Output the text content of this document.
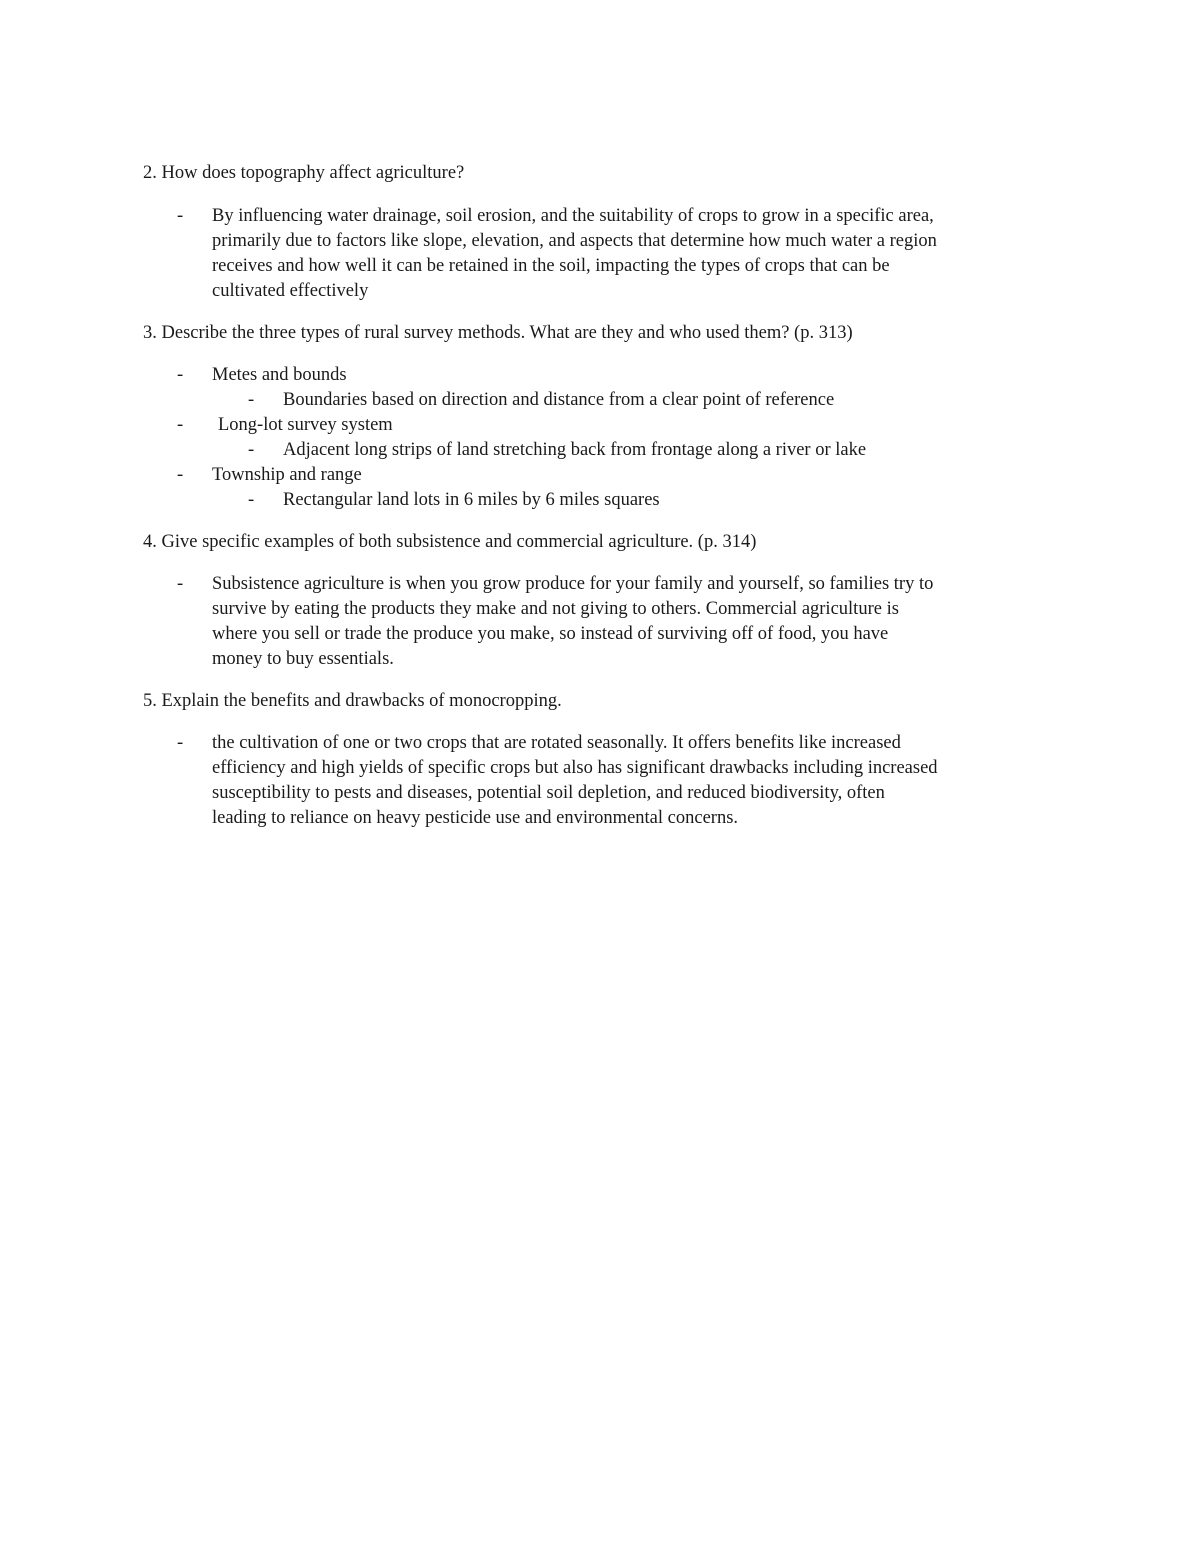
2. How does topography affect agriculture?
-	By influencing water drainage, soil erosion, and the suitability of crops to grow in a specific area,
primarily due to factors like slope, elevation, and aspects that determine how much water a region
receives and how well it can be retained in the soil, impacting the types of crops that can be
cultivated effectively
3. Describe the three types of rural survey methods. What are they and who used them? (p. 313)
-	Metes and bounds
-	Boundaries based on direction and distance from a clear point of reference
-	Long-lot survey system
-	Adjacent long strips of land stretching back from frontage along a river or lake
-	Township and range
-	Rectangular land lots in 6 miles by 6 miles squares
4. Give specific examples of both subsistence and commercial agriculture. (p. 314)
-	Subsistence agriculture is when you grow produce for your family and yourself, so families try to
survive by eating the products they make and not giving to others. Commercial agriculture is
where you sell or trade the produce you make, so instead of surviving off of food, you have
money to buy essentials.
5. Explain the benefits and drawbacks of monocropping.
-	the cultivation of one or two crops that are rotated seasonally. It offers benefits like increased
efficiency and high yields of specific crops but also has significant drawbacks including increased
susceptibility to pests and diseases, potential soil depletion, and reduced biodiversity, often
leading to reliance on heavy pesticide use and environmental concerns.
